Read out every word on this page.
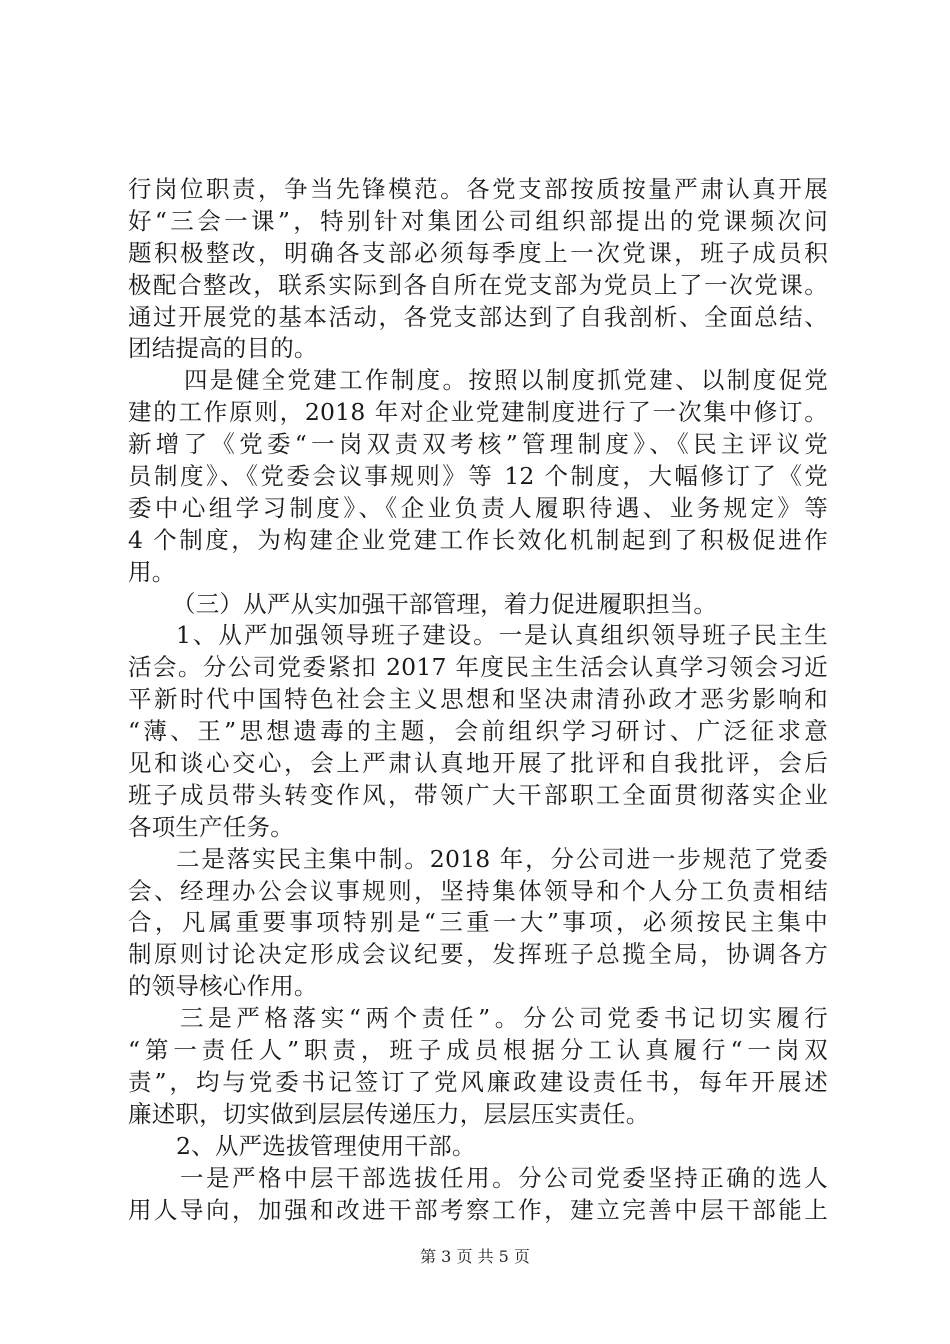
行岗位职责，争当先锋模范。各党支部按质按量严肃认真开展
好“三会一课”，特别针对集团公司组织部提出的党课频次问
题积极整改，明确各支部必须每季度上一次党课，班子成员积
极配合整改，联系实际到各自所在党支部为党员上了一次党课。
通过开展党的基本活动，各党支部达到了自我剖析、全面总结、
团结提高的目的。
四是健全党建工作制度。按照以制度抓党建、以制度促党
建的工作原则，2018 年对企业党建制度进行了一次集中修订。
新增了《党委“一岗双责双考核”管理制度》、《民主评议党
员制度》、《党委会议事规则》等 12 个制度，大幅修订了《党
委中心组学习制度》、《企业负责人履职待遇、业务规定》等
4 个制度，为构建企业党建工作长效化机制起到了积极促进作
用。
（三）从严从实加强干部管理，着力促进履职担当。
1、从严加强领导班子建设。一是认真组织领导班子民主生
活会。分公司党委紧扣 2017 年度民主生活会认真学习领会习近
平新时代中国特色社会主义思想和坚决肃清孙政才恶劣影响和
“薄、王”思想遗毒的主题，会前组织学习研讨、广泛征求意
见和谈心交心，会上严肃认真地开展了批评和自我批评，会后
班子成员带头转变作风，带领广大干部职工全面贯彻落实企业
各项生产任务。
二是落实民主集中制。2018 年，分公司进一步规范了党委
会、经理办公会议事规则，坚持集体领导和个人分工负责相结
合，凡属重要事项特别是“三重一大”事项，必须按民主集中
制原则讨论决定形成会议纪要，发挥班子总揽全局，协调各方
的领导核心作用。
三是严格落实“两个责任”。分公司党委书记切实履行
“第一责任人”职责，班子成员根据分工认真履行“一岗双
责”，均与党委书记签订了党风廉政建设责任书，每年开展述
廉述职，切实做到层层传递压力，层层压实责任。
2、从严选拔管理使用干部。
一是严格中层干部选拔任用。分公司党委坚持正确的选人
用人导向，加强和改进干部考察工作，建立完善中层干部能上
第 3 页 共 5 页
